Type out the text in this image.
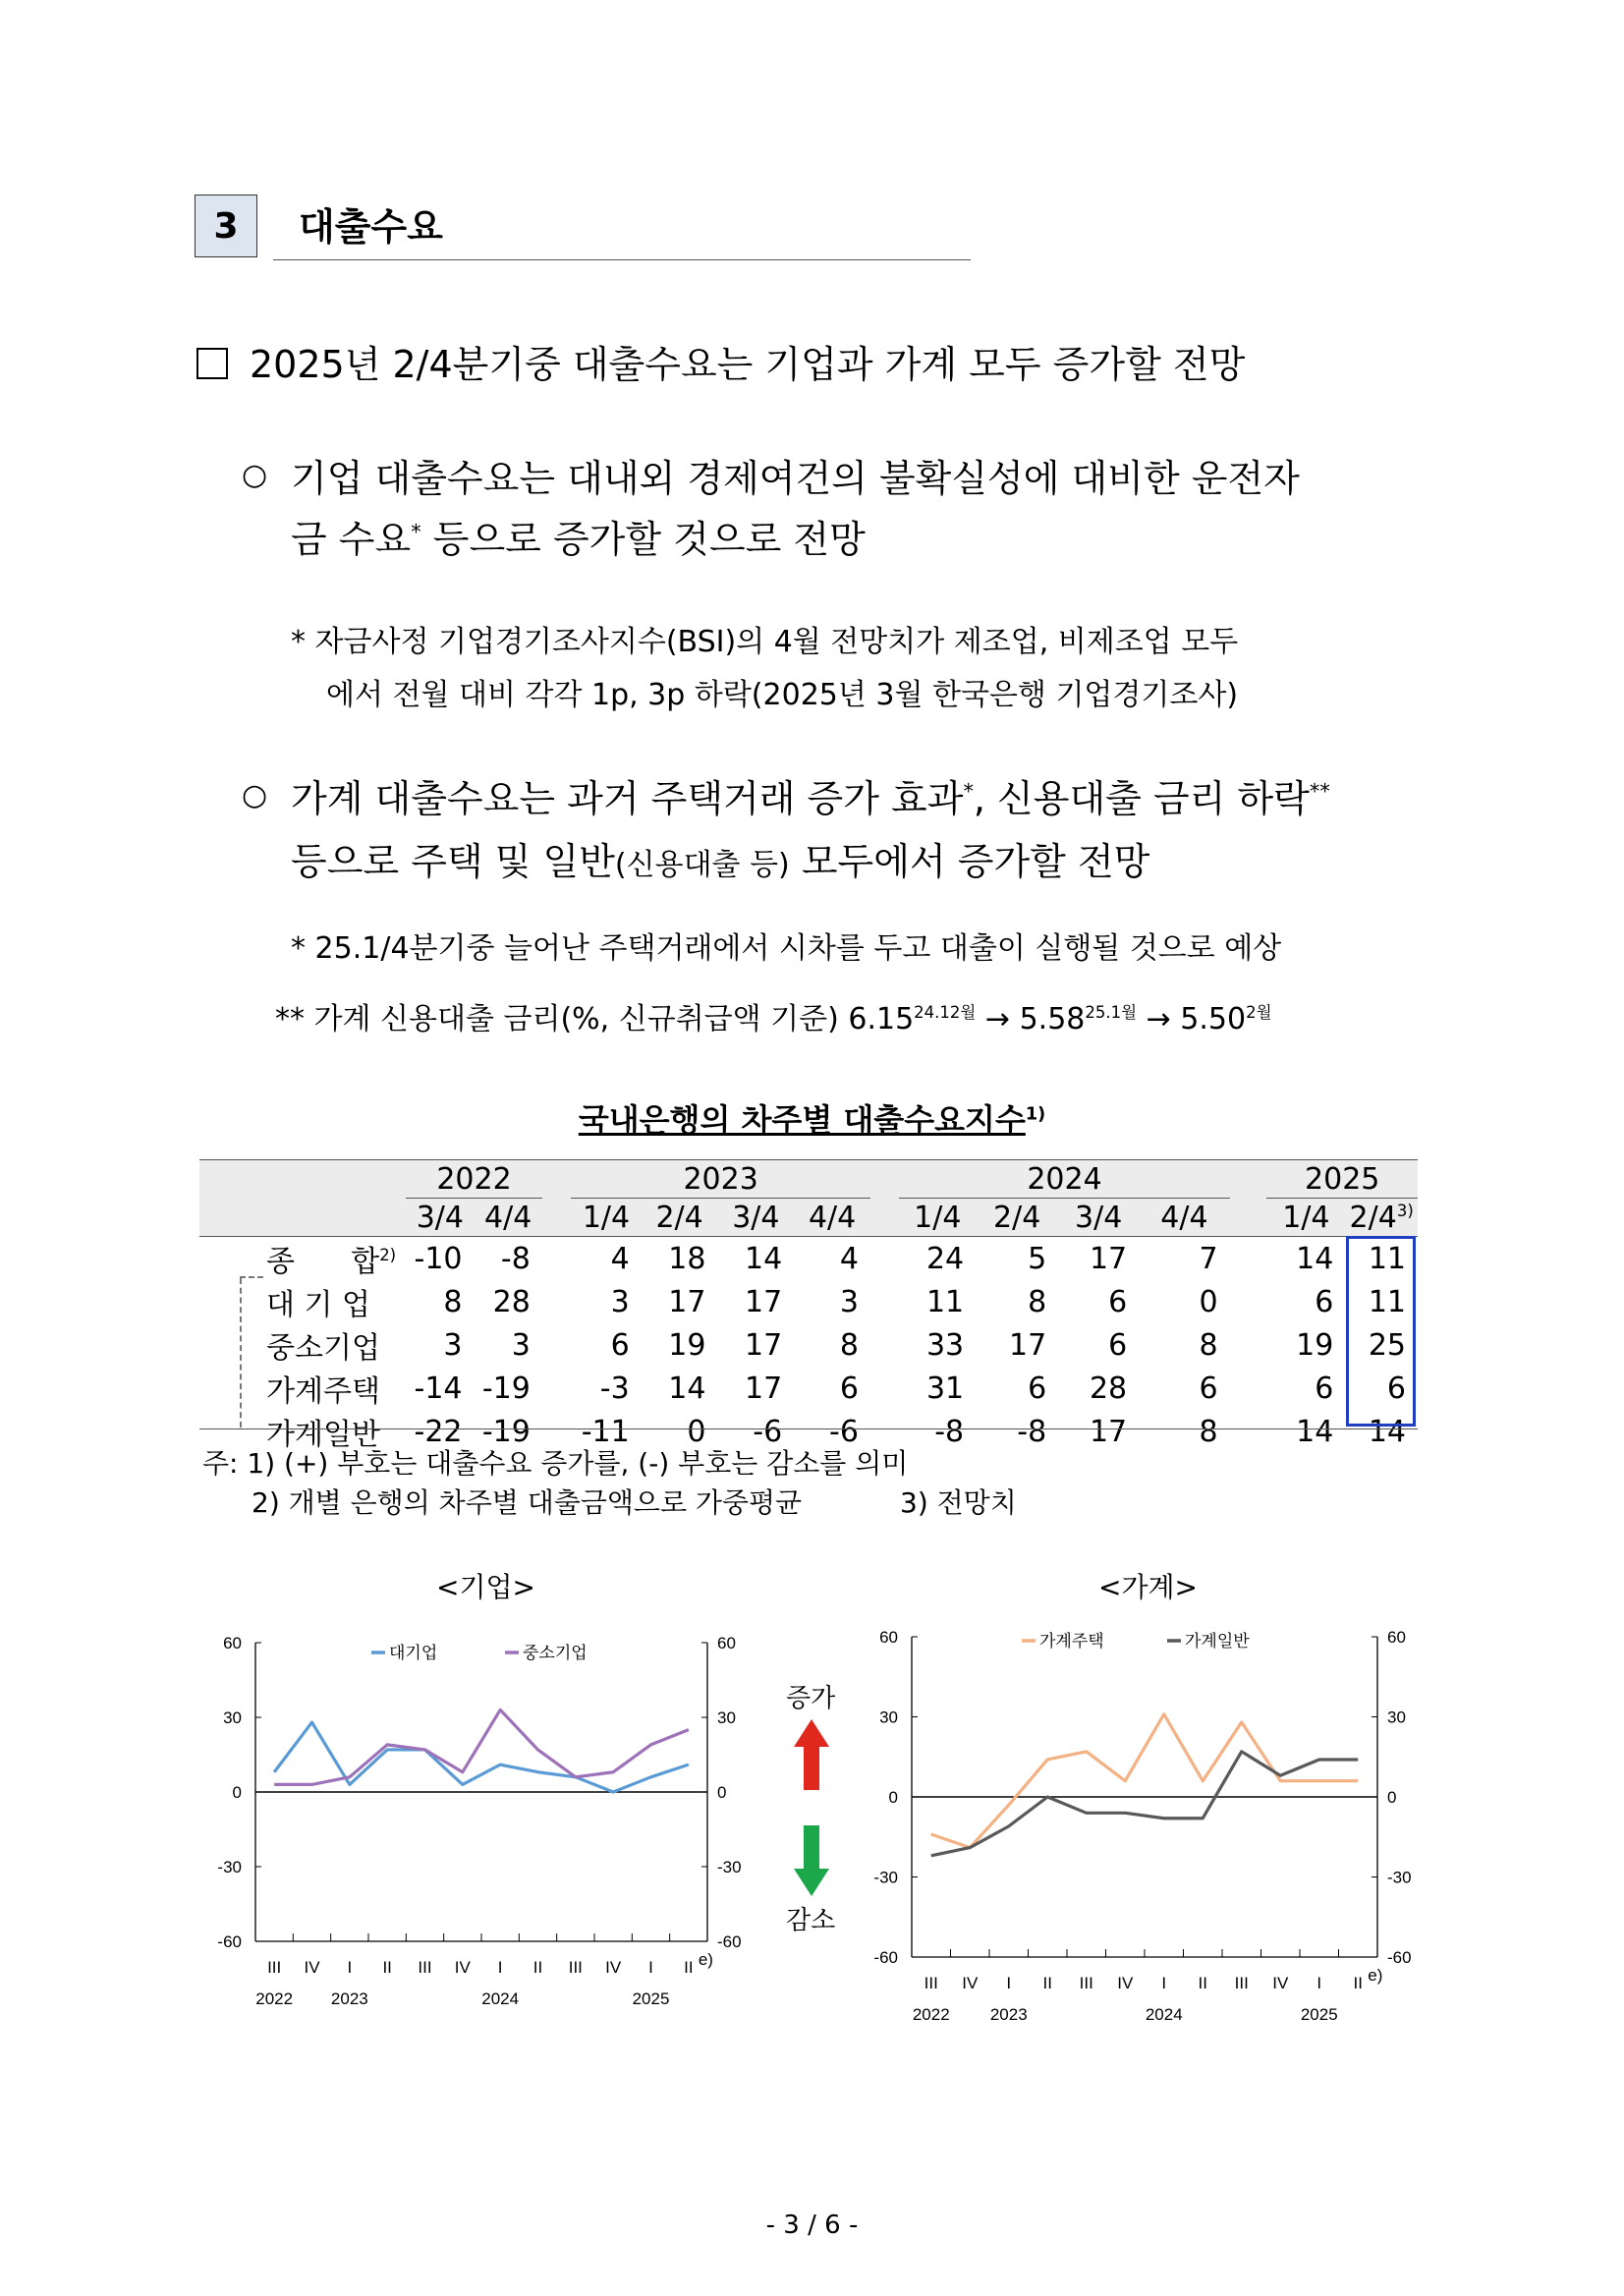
3	대출수요
2025년 2/4분기중 대출수요는 기업과 가계 모두 증가할 전망
○ 기업 대출수요는 대내외 경제여건의 불확실성에 대비한 운전자
금 수요* 등으로 증가할 것으로 전망
* 자금사정 기업경기조사지수(BSI)의 4월 전망치가 제조업, 비제조업 모두
에서 전월 대비 각각 1p, 3p 하락(2025년 3월 한국은행 기업경기조사)
○ 가계 대출수요는 과거 주택거래 증가 효과*, 신용대출 금리 하락**
등으로 주택 및 일반(신용대출 등) 모두에서 증가할 전망
* 25.1/4분기중 늘어난 주택거래에서 시차를 두고 대출이 실행될 것으로 예상
** 가계 신용대출 금리(%, 신규취급액 기준) $6.15^{24.12월} \to 5.58^{25.1월} \to 5.50^{2월}$
국내은행의 차주별 대출수요지수$^{1)}$
	2022			2023					2024					2025	
	3/4	4/4		1/4	2/4	3/4	4/4		1/4	2/4	3/4	4/4		1/4	2/4$^{3)}$
종      합$^{2)}$	-10	-8		4	18	14	4		24	5	17	7		14	11
대 기 업	8	28		3	17	17	3		11	8	6	0		6	11
중소기업	3	3		6	19	17	8		33	17	6	8		19	25
가계주택	-14	-19		-3	14	17	6		31	6	28	6		6	6
가계일반	-22	-19		-11	0	-6	-6		-8	-8	17	8		14	14
주: 1) (+) 부호는 대출수요 증가를, (-) 부호는 감소를 의미
2) 개별 은행의 차주별 대출금액으로 가중평균	3) 전망치
<기업>	<가계>
-60	-60
-30	-30
0	0
30	30
60	60
III IV I II III IV I II III IV I II e)
2022 2023	2024	2025
대기업	중소기업
-60	-60
-30	-30
0	0
30	30
60	60
III IV I II III IV I II III IV I II e)
2022 2023	2024	2025
가계주택	가계일반
증가
감소
- 3 / 6 -
